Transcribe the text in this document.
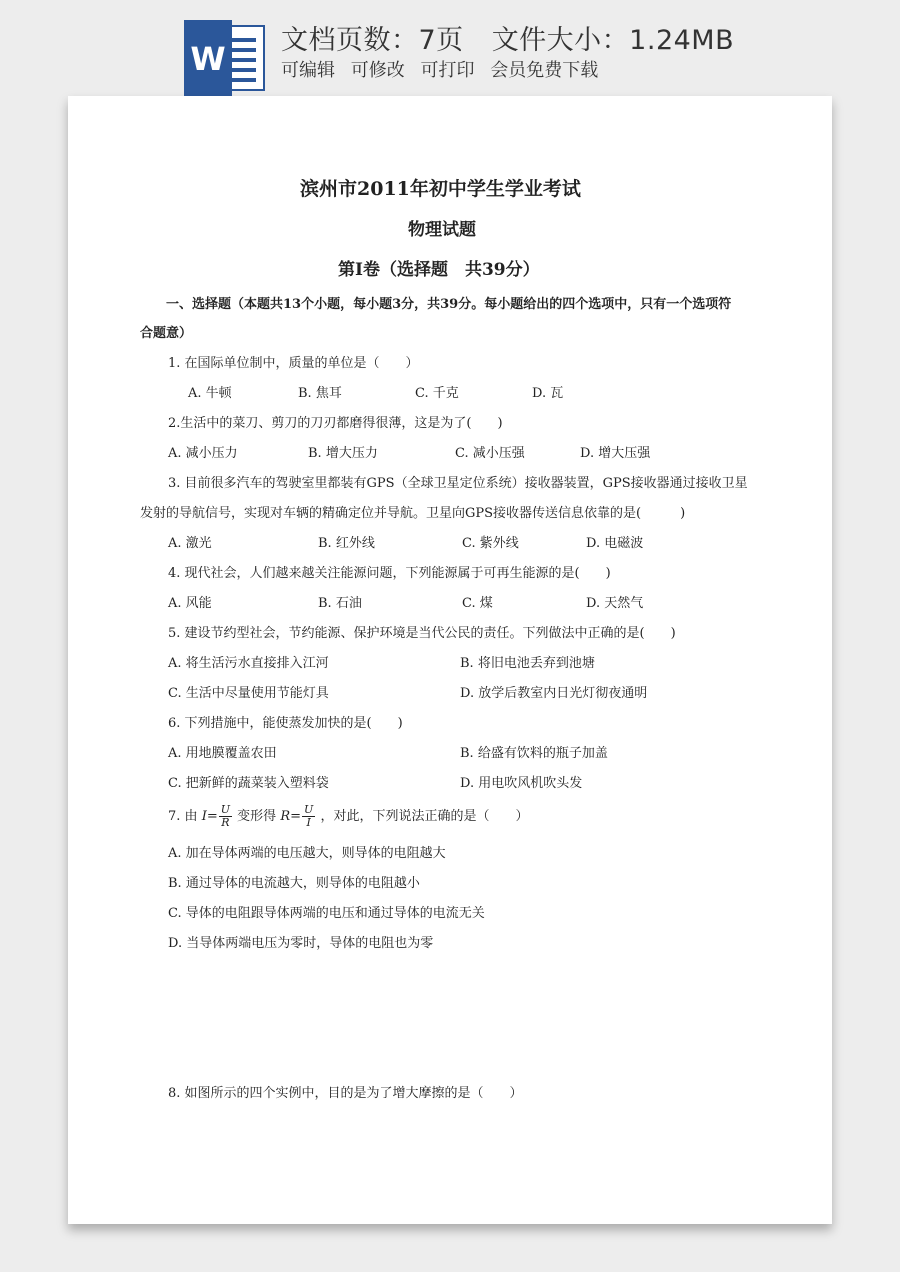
W 文档页数：7页 文件大小：1.24MB
可编辑 可修改 可打印 会员免费下载
滨州市2011年初中学生学业考试
物理试题
第Ⅰ卷（选择题　共39分）
一、选择题（本题共13个小题，每小题3分，共39分。每小题给出的四个选项中，只有一个选项符
合题意）
1. 在国际单位制中，质量的单位是（　　）
A. 牛顿	B. 焦耳	C. 千克	D. 瓦
2.生活中的菜刀、剪刀的刀刃都磨得很薄，这是为了(　　)
A. 减小压力	B. 增大压力	C. 减小压强	D. 增大压强
3. 目前很多汽车的驾驶室里都装有GPS（全球卫星定位系统）接收器装置，GPS接收器通过接收卫星
发射的导航信号，实现对车辆的精确定位并导航。卫星向GPS接收器传送信息依靠的是(　　　)
A. 激光	B. 红外线	C. 紫外线	D. 电磁波
4. 现代社会，人们越来越关注能源问题，下列能源属于可再生能源的是(　　)
A. 风能	B. 石油	C. 煤	D. 天然气
5. 建设节约型社会，节约能源、保护环境是当代公民的责任。下列做法中正确的是(　　)
A. 将生活污水直接排入江河	B. 将旧电池丢弃到池塘
C. 生活中尽量使用节能灯具	D. 放学后教室内日光灯彻夜通明
6. 下列措施中，能使蒸发加快的是(　　)
A. 用地膜覆盖农田	B. 给盛有饮料的瓶子加盖
C. 把新鲜的蔬菜装入塑料袋	D. 用电吹风机吹头发
7. 由 $I= \frac{U}{R}$ 变形得 $R= \frac{U}{I}$ ，对此，下列说法正确的是（　　）
A. 加在导体两端的电压越大，则导体的电阻越大
B. 通过导体的电流越大，则导体的电阻越小
C. 导体的电阻跟导体两端的电压和通过导体的电流无关
D. 当导体两端电压为零时，导体的电阻也为零
8. 如图所示的四个实例中，目的是为了增大摩擦的是（　　）
